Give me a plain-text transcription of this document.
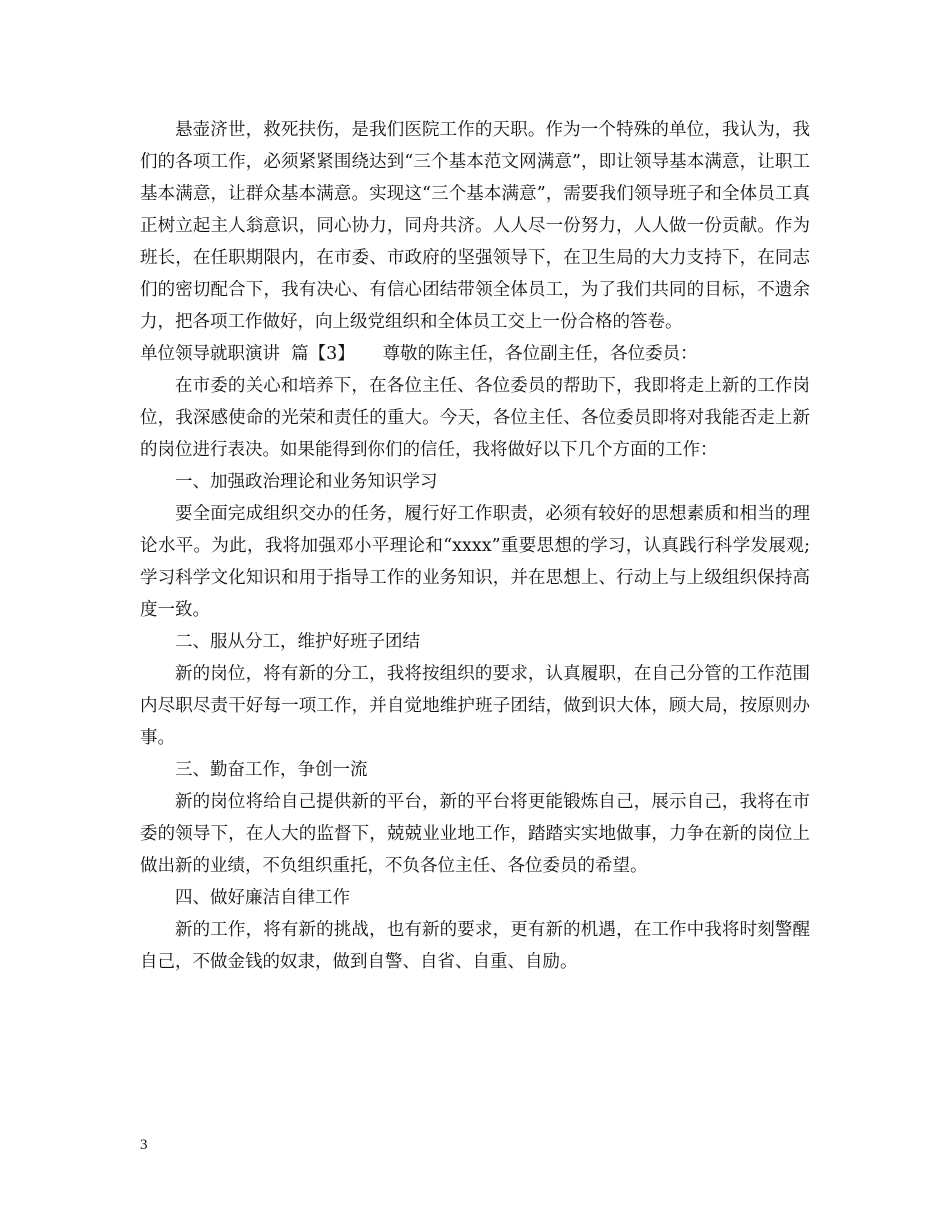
悬壶济世，救死扶伤，是我们医院工作的天职。作为一个特殊的单位，我认为，我们的各项工作，必须紧紧围绕达到“三个基本范文网满意”，即让领导基本满意，让职工基本满意，让群众基本满意。实现这“三个基本满意”，需要我们领导班子和全体员工真正树立起主人翁意识，同心协力，同舟共济。人人尽一份努力，人人做一份贡献。作为班长，在任职期限内，在市委、市政府的坚强领导下，在卫生局的大力支持下，在同志们的密切配合下，我有决心、有信心团结带领全体员工，为了我们共同的目标，不遗余力，把各项工作做好，向上级党组织和全体员工交上一份合格的答卷。

单位领导就职演讲  篇【3】     尊敬的陈主任，各位副主任，各位委员：

在市委的关心和培养下，在各位主任、各位委员的帮助下，我即将走上新的工作岗位，我深感使命的光荣和责任的重大。今天，各位主任、各位委员即将对我能否走上新的岗位进行表决。如果能得到你们的信任，我将做好以下几个方面的工作：

一、加强政治理论和业务知识学习

要全面完成组织交办的任务，履行好工作职责，必须有较好的思想素质和相当的理论水平。为此，我将加强邓小平理论和“xxxx”重要思想的学习，认真践行科学发展观;学习科学文化知识和用于指导工作的业务知识，并在思想上、行动上与上级组织保持高度一致。

二、服从分工，维护好班子团结

新的岗位，将有新的分工，我将按组织的要求，认真履职，在自己分管的工作范围内尽职尽责干好每一项工作，并自觉地维护班子团结，做到识大体，顾大局，按原则办事。

三、勤奋工作，争创一流

新的岗位将给自己提供新的平台，新的平台将更能锻炼自己，展示自己，我将在市委的领导下，在人大的监督下，兢兢业业地工作，踏踏实实地做事，力争在新的岗位上做出新的业绩，不负组织重托，不负各位主任、各位委员的希望。

四、做好廉洁自律工作

新的工作，将有新的挑战，也有新的要求，更有新的机遇，在工作中我将时刻警醒自己，不做金钱的奴隶，做到自警、自省、自重、自励。

3
